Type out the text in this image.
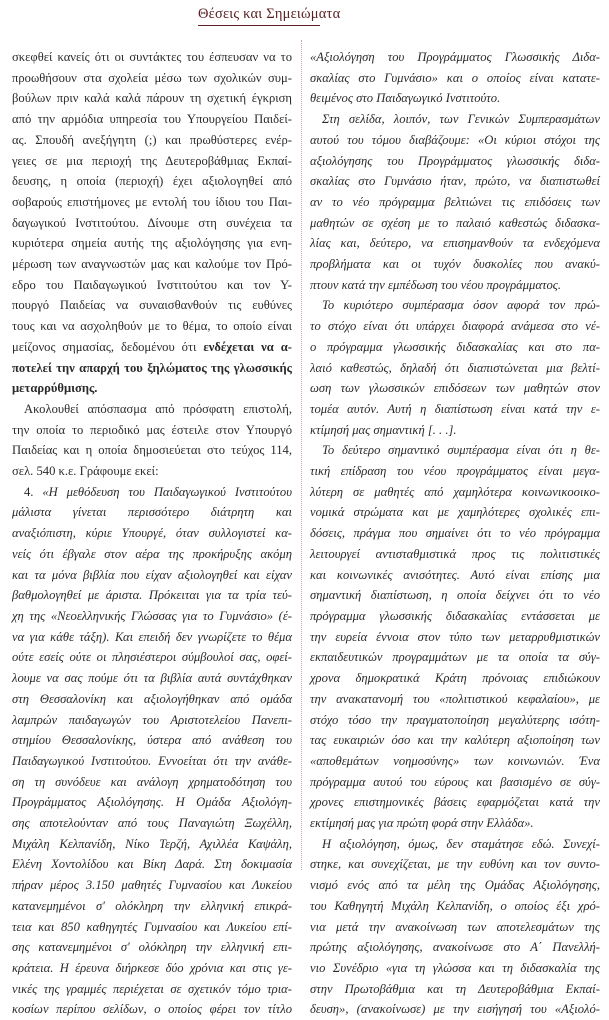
Θέσεις και Σημειώματα
σκεφθεί κανείς ότι οι συντάκτες του έσπευσαν να το
προωθήσουν στα σχολεία μέσω των σχολικών συμ-
βούλων πριν καλά καλά πάρουν τη σχετική έγκριση
από την αρμόδια υπηρεσία του Υπουργείου Παιδεί-
ας. Σπουδή ανεξήγητη (;) και πρωθύστερες ενέρ-
γειες σε μια περιοχή της Δευτεροβάθμιας Εκπαί-
δευσης, η οποία (περιοχή) έχει αξιολογηθεί από
σοβαρούς επιστήμονες με εντολή του ίδιου του Παι-
δαγωγικού Ινστιτούτου. Δίνουμε στη συνέχεια τα
κυριότερα σημεία αυτής της αξιολόγησης για ενη-
μέρωση των αναγνωστών μας και καλούμε τον Πρό-
εδρο του Παιδαγωγικού Ινστιτούτου και τον Υ-
πουργό Παιδείας να συναισθανθούν τις ευθύνες
τους και να ασχοληθούν με το θέμα, το οποίο είναι
μείζονος σημασίας, δεδομένου ότι ενδέχεται να α-
ποτελεί την απαρχή του ξηλώματος της γλωσσικής
μεταρρύθμισης.
Ακολουθεί απόσπασμα από πρόσφατη επιστολή,
την οποία το περιοδικό μας έστειλε στον Υπουργό
Παιδείας και η οποία δημοσιεύεται στο τεύχος 114,
σελ. 540 κ.ε. Γράφουμε εκεί:
4. «Η μεθόδευση του Παιδαγωγικού Ινστιτούτου
μάλιστα γίνεται περισσότερο διάτρητη και
αναξιόπιστη, κύριε Υπουργέ, όταν συλλογιστεί κα-
νείς ότι έβγαλε στον αέρα της προκήρυξης ακόμη
και τα μόνα βιβλία που είχαν αξιολογηθεί και είχαν
βαθμολογηθεί με άριστα. Πρόκειται για τα τρία τεύ-
χη της «Νεοελληνικής Γλώσσας για το Γυμνάσιο» (έ-
να για κάθε τάξη). Και επειδή δεν γνωρίζετε το θέμα
ούτε εσείς ούτε οι πλησιέστεροι σύμβουλοί σας, οφεί-
λουμε να σας πούμε ότι τα βιβλία αυτά συντάχθηκαν
στη Θεσσαλονίκη και αξιολογήθηκαν από ομάδα
λαμπρών παιδαγωγών του Αριστοτελείου Πανεπι-
στημίου Θεσσαλονίκης, ύστερα από ανάθεση του
Παιδαγωγικού Ινστιτούτου. Εννοείται ότι την ανάθε-
ση τη συνόδευε και ανάλογη χρηματοδότηση του
Προγράμματος Αξιολόγησης. Η Ομάδα Αξιολόγη-
σης αποτελούνταν από τους Παναγιώτη Ξωχέλλη,
Μιχάλη Κελπανίδη, Νίκο Τερζή, Αχιλλέα Καψάλη,
Ελένη Χοντολίδου και Βίκη Δαρά. Στη δοκιμασία
πήραν μέρος 3.150 μαθητές Γυμνασίου και Λυκείου
κατανεμημένοι σ' ολόκληρη την ελληνική επικρά-
τεια και 850 καθηγητές Γυμνασίου και Λυκείου επί-
σης κατανεμημένοι σ' ολόκληρη την ελληνική επι-
κράτεια. Η έρευνα διήρκεσε δύο χρόνια και στις γε-
νικές της γραμμές περιέχεται σε σχετικόν τόμο τρια-
κοσίων περίπου σελίδων, ο οποίος φέρει τον τίτλο
«Αξιολόγηση του Προγράμματος Γλωσσικής Διδα-
σκαλίας στο Γυμνάσιο» και ο οποίος είναι κατατε-
θειμένος στο Παιδαγωγικό Ινστιτούτο.
Στη σελίδα, λοιπόν, των Γενικών Συμπερασμάτων
αυτού του τόμου διαβάζουμε: «Οι κύριοι στόχοι της
αξιολόγησης του Προγράμματος γλωσσικής διδα-
σκαλίας στο Γυμνάσιο ήταν, πρώτο, να διαπιστωθεί
αν το νέο πρόγραμμα βελτιώνει τις επιδόσεις των
μαθητών σε σχέση με το παλαιό καθεστώς διδασκα-
λίας και, δεύτερο, να επισημανθούν τα ενδεχόμενα
προβλήματα και οι τυχόν δυσκολίες που ανακύ-
πτουν κατά την εμπέδωση του νέου προγράμματος.
Το κυριότερο συμπέρασμα όσον αφορά τον πρώ-
το στόχο είναι ότι υπάρχει διαφορά ανάμεσα στο νέ-
ο πρόγραμμα γλωσσικής διδασκαλίας και στο πα-
λαιό καθεστώς, δηλαδή ότι διαπιστώνεται μια βελτί-
ωση των γλωσσικών επιδόσεων των μαθητών στον
τομέα αυτόν. Αυτή η διαπίστωση είναι κατά την ε-
κτίμησή μας σημαντική [. . .].
Το δεύτερο σημαντικό συμπέρασμα είναι ότι η θε-
τική επίδραση του νέου προγράμματος είναι μεγα-
λύτερη σε μαθητές από χαμηλότερα κοινωνικοοικο-
νομικά στρώματα και με χαμηλότερες σχολικές επι-
δόσεις, πράγμα που σημαίνει ότι το νέο πρόγραμμα
λειτουργεί αντισταθμιστικά προς τις πολιτιστικές
και κοινωνικές ανισότητες. Αυτό είναι επίσης μια
σημαντική διαπίστωση, η οποία δείχνει ότι το νέο
πρόγραμμα γλωσσικής διδασκαλίας εντάσσεται με
την ευρεία έννοια στον τύπο των μεταρρυθμιστικών
εκπαιδευτικών προγραμμάτων με τα οποία τα σύγ-
χρονα δημοκρατικά Κράτη πρόνοιας επιδιώκουν
την ανακατανομή του «πολιτιστικού κεφαλαίου», με
στόχο τόσο την πραγματοποίηση μεγαλύτερης ισότη-
τας ευκαιριών όσο και την καλύτερη αξιοποίηση των
«αποθεμάτων νοημοσύνης» των κοινωνιών. Ένα
πρόγραμμα αυτού του εύρους και βασισμένο σε σύγ-
χρονες επιστημονικές βάσεις εφαρμόζεται κατά την
εκτίμησή μας για πρώτη φορά στην Ελλάδα».
Η αξιολόγηση, όμως, δεν σταμάτησε εδώ. Συνεχί-
στηκε, και συνεχίζεται, με την ευθύνη και τον συντο-
νισμό ενός από τα μέλη της Ομάδας Αξιολόγησης,
του Καθηγητή Μιχάλη Κελπανίδη, ο οποίος έξι χρό-
νια μετά την ανακοίνωση των αποτελεσμάτων της
πρώτης αξιολόγησης, ανακοίνωσε στο Α΄ Πανελλή-
νιο Συνέδριο «για τη γλώσσα και τη διδασκαλία της
στην Πρωτοβάθμια και τη Δευτεροβάθμια Εκπαί-
δευση», (ανακοίνωσε) με την εισήγησή του «Αξιολό-
